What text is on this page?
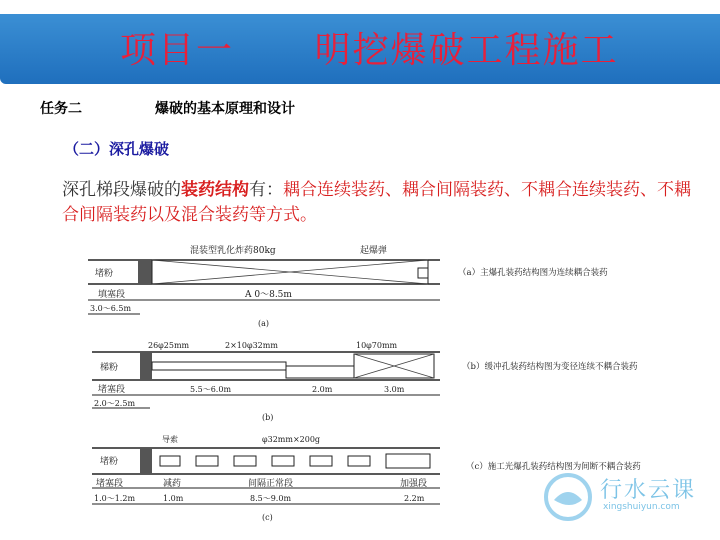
项目一      明挖爆破工程施工
任务二	爆破的基本原理和设计
（二）深孔爆破
深孔梯段爆破的装药结构有：耦合连续装药、耦合间隔装药、不耦合连续装药、不耦合间隔装药以及混合装药等方式。
混装型乳化炸药80kg	起爆弹
堵粉
填塞段	A 0～8.5m
3.0～6.5m
(a)
26φ25mm	2×10φ32mm	10φ70mm
梯粉
堵塞段	5.5～6.0m	2.0m	3.0m
2.0～2.5m
(b)
导索	φ32mm×200g
堵粉
堵塞段	减药	间隔正常段	加强段
1.0～1.2m	1.0m	8.5～9.0m	2.2m
(c)
（a）主爆孔装药结构图为连续耦合装药
（b）缓冲孔装药结构图为变径连续不耦合装药
（c）施工光爆孔装药结构图为间断不耦合装药
行水云课
xingshuiyun.com
